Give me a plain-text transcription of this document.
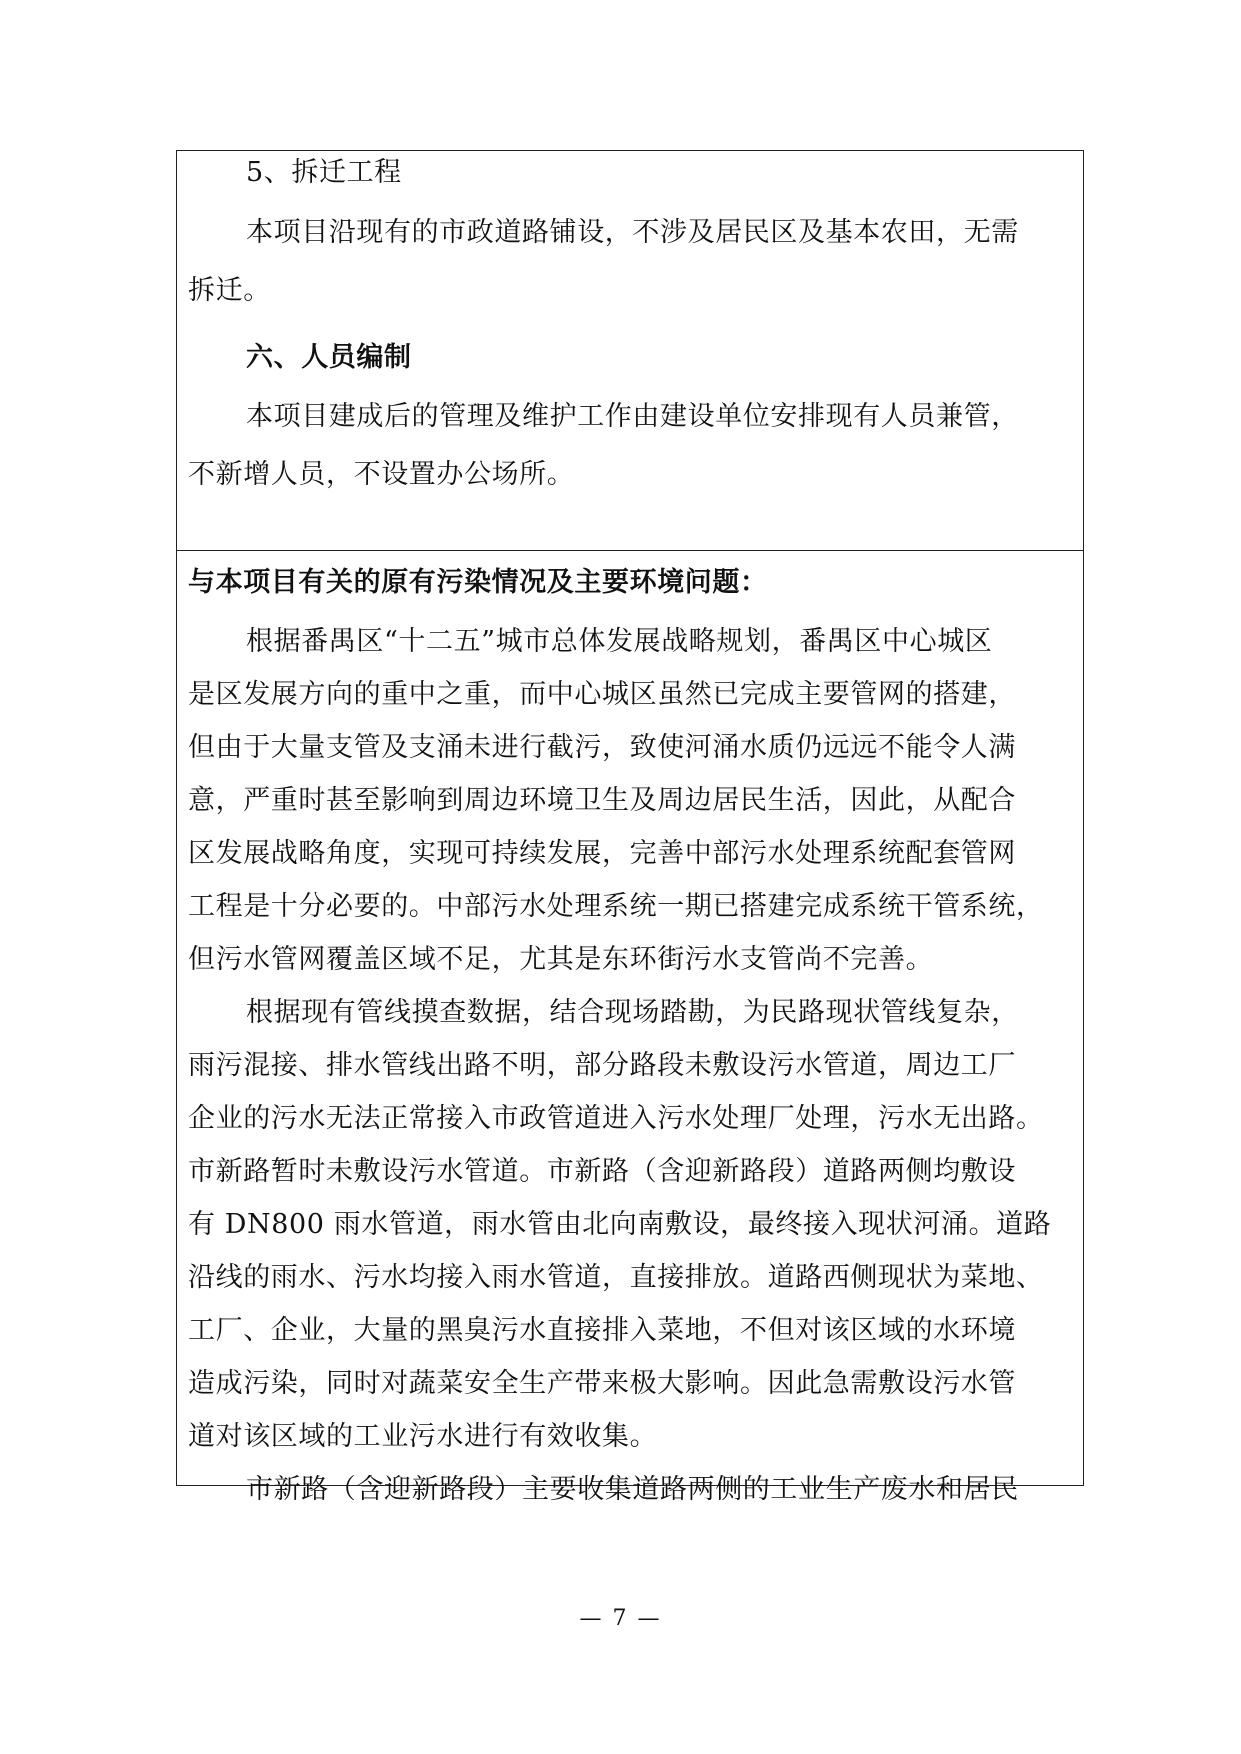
5、拆迁工程
本项目沿现有的市政道路铺设，不涉及居民区及基本农田，无需
拆迁。
六、人员编制
本项目建成后的管理及维护工作由建设单位安排现有人员兼管，
不新增人员，不设置办公场所。
与本项目有关的原有污染情况及主要环境问题：
根据番禺区“十二五”城市总体发展战略规划，番禺区中心城区
是区发展方向的重中之重，而中心城区虽然已完成主要管网的搭建，
但由于大量支管及支涌未进行截污，致使河涌水质仍远远不能令人满
意，严重时甚至影响到周边环境卫生及周边居民生活，因此，从配合
区发展战略角度，实现可持续发展，完善中部污水处理系统配套管网
工程是十分必要的。中部污水处理系统一期已搭建完成系统干管系统，
但污水管网覆盖区域不足，尤其是东环街污水支管尚不完善。
根据现有管线摸查数据，结合现场踏勘，为民路现状管线复杂，
雨污混接、排水管线出路不明，部分路段未敷设污水管道，周边工厂
企业的污水无法正常接入市政管道进入污水处理厂处理，污水无出路。
市新路暂时未敷设污水管道。市新路（含迎新路段）道路两侧均敷设
有 DN800 雨水管道，雨水管由北向南敷设，最终接入现状河涌。道路
沿线的雨水、污水均接入雨水管道，直接排放。道路西侧现状为菜地、
工厂、企业，大量的黑臭污水直接排入菜地，不但对该区域的水环境
造成污染，同时对蔬菜安全生产带来极大影响。因此急需敷设污水管
道对该区域的工业污水进行有效收集。
市新路（含迎新路段）主要收集道路两侧的工业生产废水和居民
— 7 —
